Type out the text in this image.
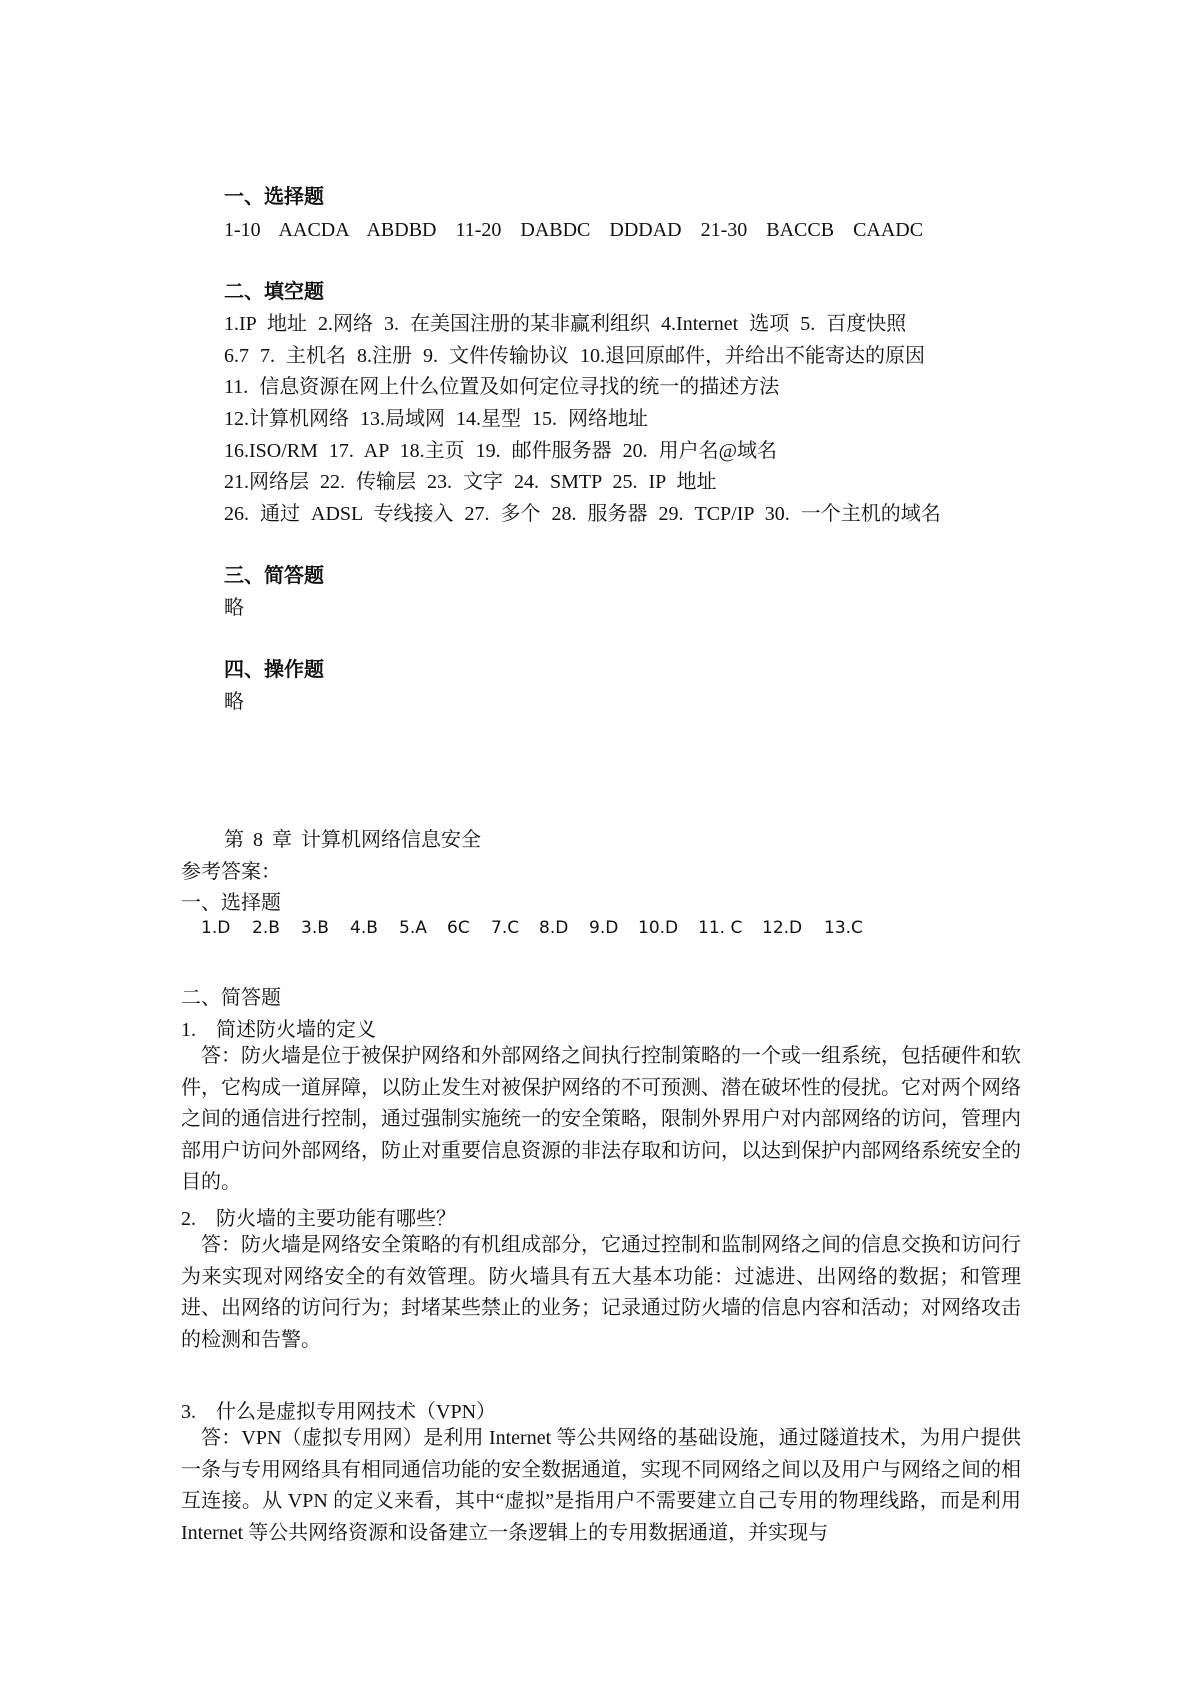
一、选择题
1-10 AACDA ABDBD 11-20 DABDC DDDAD 21-30 BACCB CAADC
二、填空题
1.IP 地址 2.网络 3. 在美国注册的某非赢利组织 4.Internet 选项 5. 百度快照
6.7 7. 主机名 8.注册 9. 文件传输协议 10.退回原邮件，并给出不能寄达的原因
11. 信息资源在网上什么位置及如何定位寻找的统一的描述方法
12.计算机网络 13.局域网 14.星型 15. 网络地址
16.ISO/RM 17. AP 18.主页 19. 邮件服务器 20. 用户名@域名
21.网络层 22. 传输层 23. 文字 24. SMTP 25. IP 地址
26. 通过 ADSL 专线接入 27. 多个 28. 服务器 29. TCP/IP 30. 一个主机的域名
三、简答题
略
四、操作题
略
第 8 章 计算机网络信息安全
参考答案：
一、选择题
1.D 2.B 3.B 4.B 5.A 6C 7.C 8.D 9.D 10.D 11. C 12.D 13.C
二、简答题
1.　简述防火墙的定义
答：防火墙是位于被保护网络和外部网络之间执行控制策略的一个或一组系统，包括硬件和软件，它构成一道屏障，以防止发生对被保护网络的不可预测、潜在破坏性的侵扰。它对两个网络之间的通信进行控制，通过强制实施统一的安全策略，限制外界用户对内部网络的访问，管理内部用户访问外部网络，防止对重要信息资源的非法存取和访问，以达到保护内部网络系统安全的目的。
2.　防火墙的主要功能有哪些？
答：防火墙是网络安全策略的有机组成部分，它通过控制和监制网络之间的信息交换和访问行为来实现对网络安全的有效管理。防火墙具有五大基本功能：过滤进、出网络的数据；和管理进、出网络的访问行为；封堵某些禁止的业务；记录通过防火墙的信息内容和活动；对网络攻击的检测和告警。
3.　什么是虚拟专用网技术（VPN）
答：VPN（虚拟专用网）是利用 Internet 等公共网络的基础设施，通过隧道技术，为用户提供一条与专用网络具有相同通信功能的安全数据通道，实现不同网络之间以及用户与网络之间的相互连接。从 VPN 的定义来看，其中“虚拟”是指用户不需要建立自己专用的物理线路，而是利用 Internet 等公共网络资源和设备建立一条逻辑上的专用数据通道，并实现与
